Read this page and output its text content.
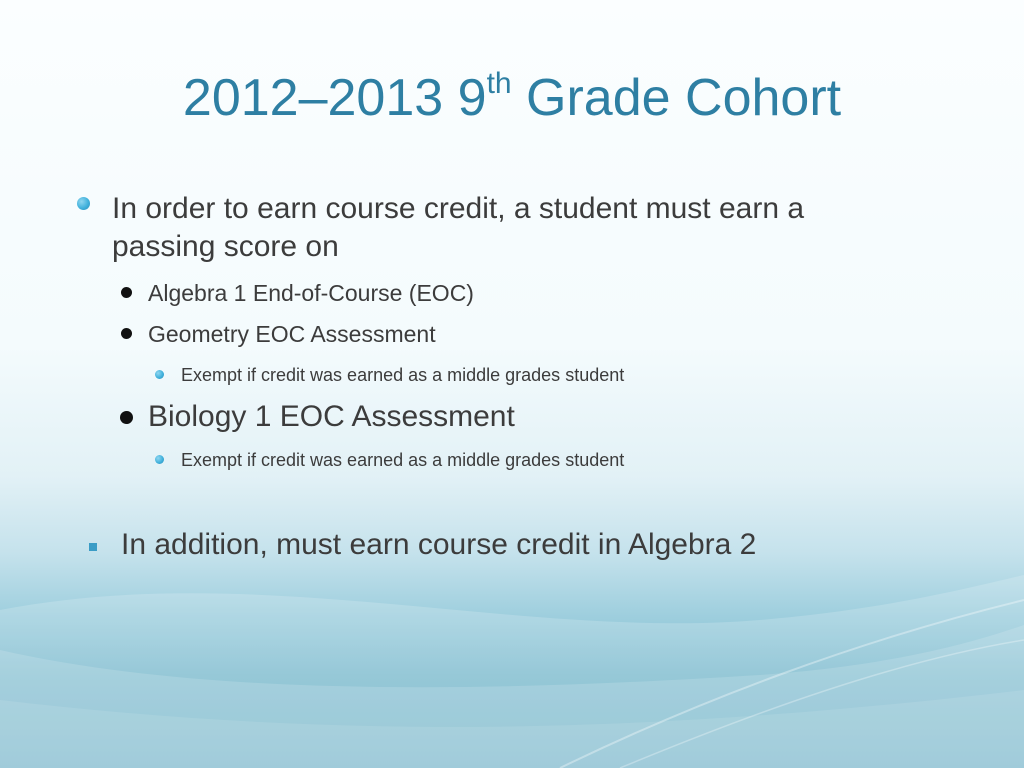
2012–2013 9th Grade Cohort
In order to earn course credit, a student must earn a
passing score on
Algebra 1 End-of-Course (EOC)
Geometry EOC Assessment
Exempt if credit was earned as a middle grades student
Biology 1 EOC Assessment
Exempt if credit was earned as a middle grades student
In addition, must earn course credit in Algebra 2
